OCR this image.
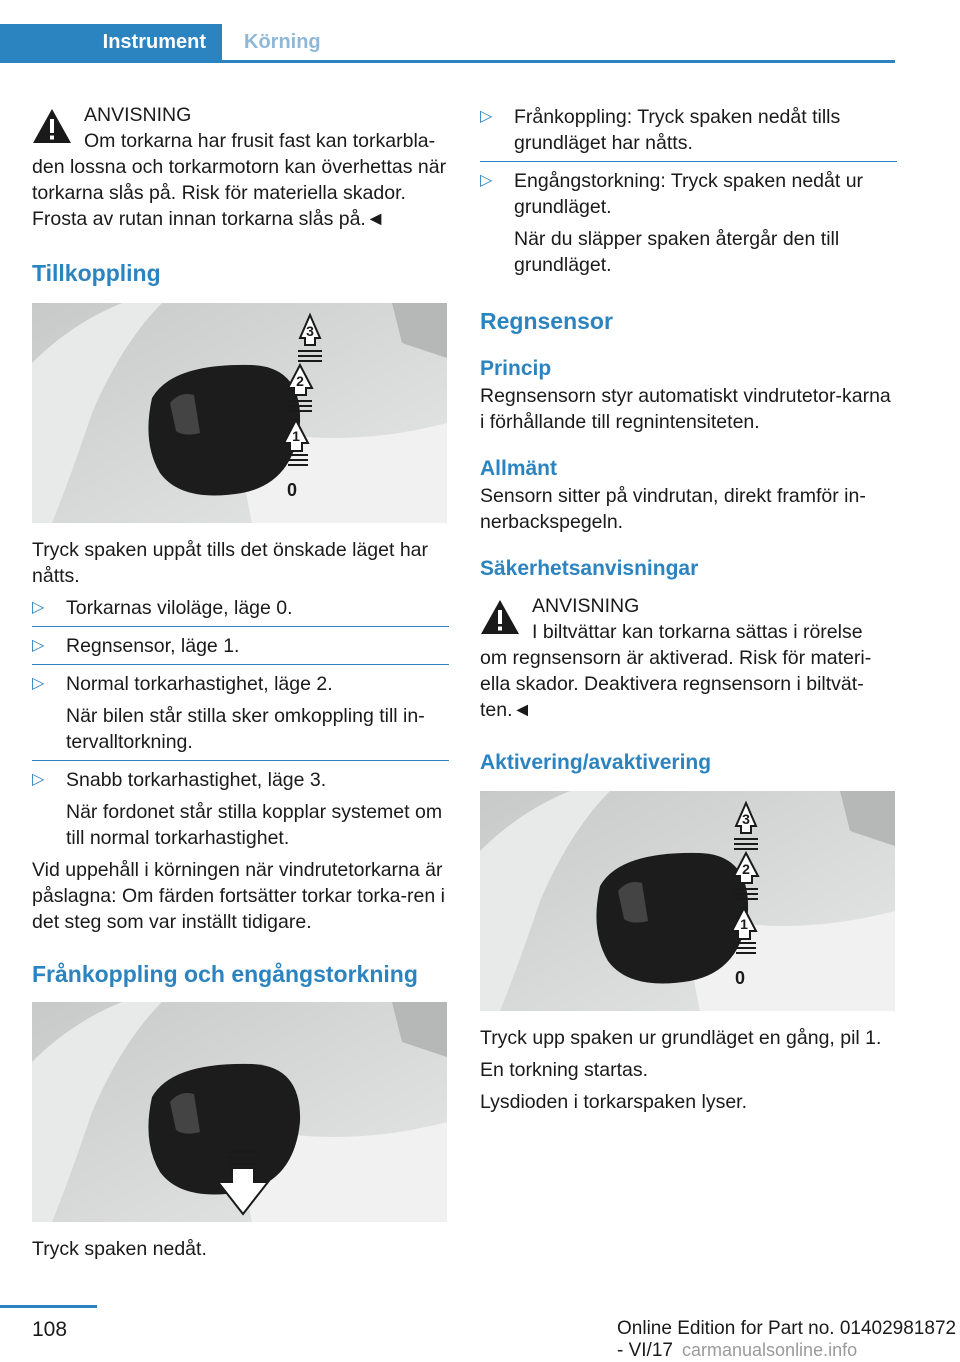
Instrument	Körning
ANVISNING
Om torkarna har frusit fast kan torkarbla-

den lossna och torkarmotorn kan överhettas när torkarna slås på. Risk för materiella skador. Frosta av rutan innan torkarna slås på.◄

Tillkoppling
3
2
1
0

Tryck spaken uppåt tills det önskade läget har nåtts.

▷ Torkarnas viloläge, läge 0.
▷ Regnsensor, läge 1.
▷ Normal torkarhastighet, läge 2.
När bilen står stilla sker omkoppling till in-tervalltorkning.
▷ Snabb torkarhastighet, läge 3.
När fordonet står stilla kopplar systemet om till normal torkarhastighet.

Vid uppehåll i körningen när vindrutetorkarna är påslagna: Om färden fortsätter torkar torka-ren i det steg som var inställt tidigare.

Frånkoppling och engångstorkning

Tryck spaken nedåt.

▷ Frånkoppling: Tryck spaken nedåt tills grundläget har nåtts.
▷ Engångstorkning: Tryck spaken nedåt ur grundläget.
När du släpper spaken återgår den till grundläget.
Regnsensor
Princip

Regnsensorn styr automatiskt vindrutetor-karna i förhållande till regnintensiteten.

Allmänt

Sensorn sitter på vindrutan, direkt framför in-nerbackspegeln.

Säkerhetsanvisningar
ANVISNING
I biltvättar kan torkarna sättas i rörelse

om regnsensorn är aktiverad. Risk för materi-ella skador. Deaktivera regnsensorn i biltvät-ten.◄

Aktivering/avaktivering
3
2
1
0

Tryck upp spaken ur grundläget en gång, pil 1.

En torkning startas.

Lysdioden i torkarspaken lyser.

108	Online Edition for Part no. 01402981872 - VI/17 carmanualsonline.info
